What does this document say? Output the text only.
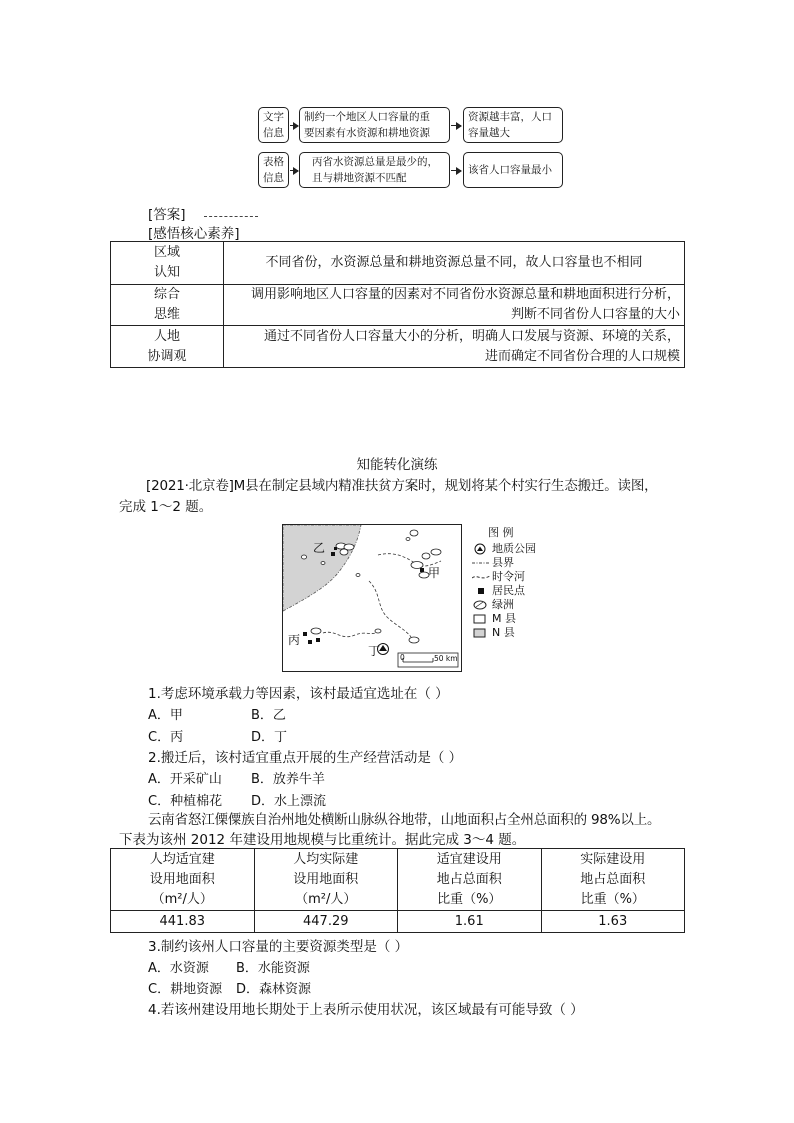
文字
信息
制约一个地区人口容量的重
要因素有水资源和耕地资源
资源越丰富，人口
容量越大
表格
信息
丙省水资源总量是最少的，
且与耕地资源不匹配
该省人口容量最小
[答案]
[感悟核心素养]
区域
认知	不同省份，水资源总量和耕地资源总量不同，故人口容量也不相同
综合
思维	调用影响地区人口容量的因素对不同省份水资源总量和耕地面积进行分析，
判断不同省份人口容量的大小
人地
协调观	通过不同省份人口容量大小的分析，明确人口发展与资源、环境的关系，
进而确定不同省份合理的人口规模
知能转化演练
[2021·北京卷]M县在制定县域内精准扶贫方案时，规划将某个村实行生态搬迁。读图，
完成 1～2 题。
乙
甲
丙
丁	0	50 km
图 例
地质公园
县界
时令河
居民点
绿洲
M 县
N 县
1.考虑环境承载力等因素，该村最适宜选址在（ ）
A．甲	B．乙
C．丙	D．丁
2.搬迁后，该村适宜重点开展的生产经营活动是（ ）
A．开采矿山 B．放养牛羊
C．种植棉花 D．水上漂流
云南省怒江傈僳族自治州地处横断山脉纵谷地带，山地面积占全州总面积的 98%以上。
下表为该州 2012 年建设用地规模与比重统计。据此完成 3～4 题。
人均适宜建
设用地面积
（m²/人）	人均实际建
设用地面积
（m²/人）	适宜建设用
地占总面积
比重（%）	实际建设用
地占总面积
比重（%）
441.83	447.29	1.61	1.63
3.制约该州人口容量的主要资源类型是（ ）
A．水资源 B．水能资源
C．耕地资源 D．森林资源
4.若该州建设用地长期处于上表所示使用状况，该区域最有可能导致（ ）
